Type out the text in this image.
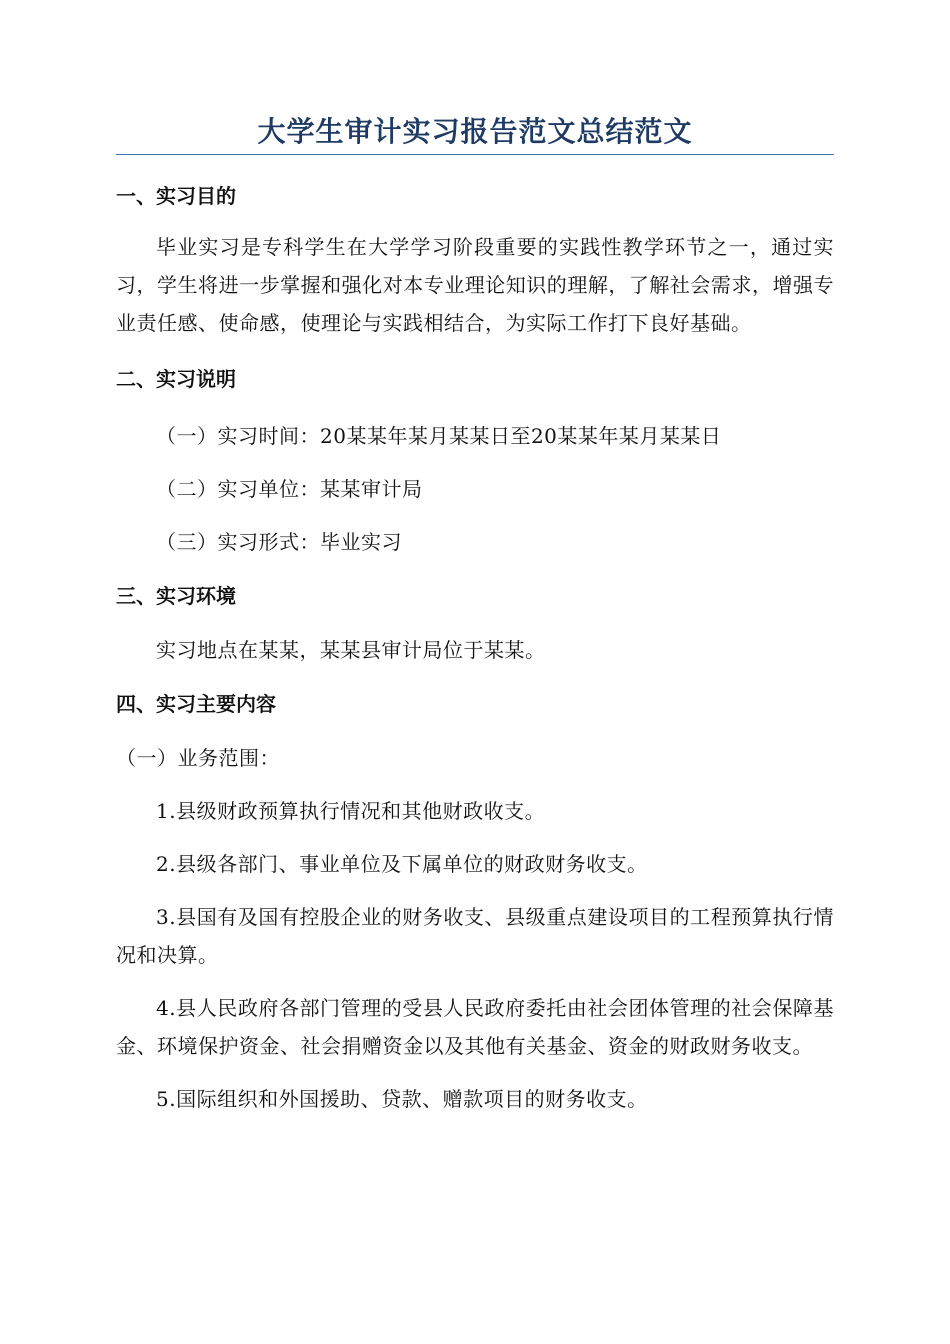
大学生审计实习报告范文总结范文
一、实习目的

毕业实习是专科学生在大学学习阶段重要的实践性教学环节之一，通过实习，学生将进一步掌握和强化对本专业理论知识的理解，了解社会需求，增强专业责任感、使命感，使理论与实践相结合，为实际工作打下良好基础。

二、实习说明

（一）实习时间：20某某年某月某某日至20某某年某月某某日

（二）实习单位：某某审计局

（三）实习形式：毕业实习

三、实习环境

实习地点在某某，某某县审计局位于某某。

四、实习主要内容

（一）业务范围：

1.县级财政预算执行情况和其他财政收支。

2.县级各部门、事业单位及下属单位的财政财务收支。

3.县国有及国有控股企业的财务收支、县级重点建设项目的工程预算执行情况和决算。

4.县人民政府各部门管理的受县人民政府委托由社会团体管理的社会保障基金、环境保护资金、社会捐赠资金以及其他有关基金、资金的财政财务收支。

5.国际组织和外国援助、贷款、赠款项目的财务收支。
